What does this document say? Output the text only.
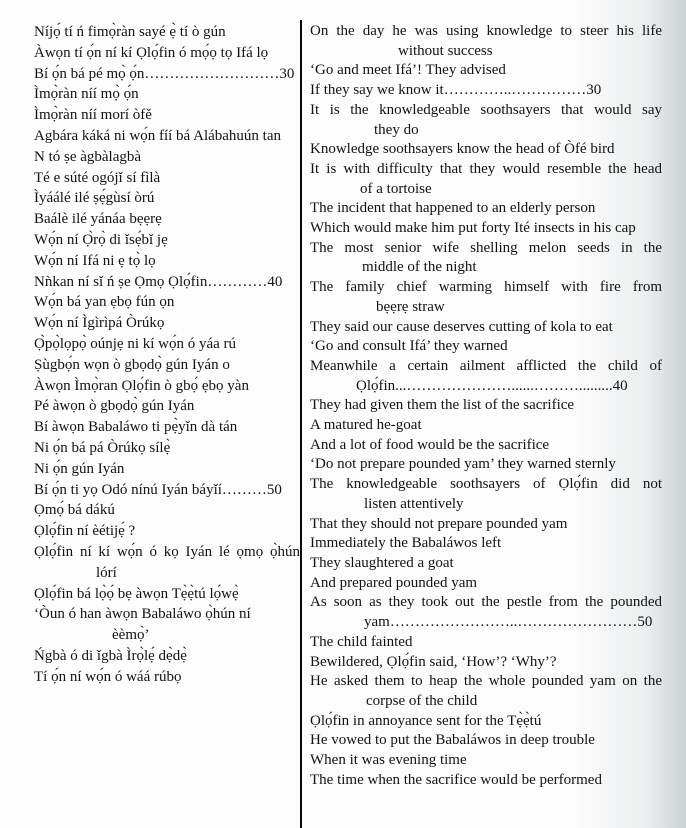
Níjọ́ tí ń fimọ̀ràn sayé ẹ̀ tí ò gún

Àwọn tí ọ́n ní kí Ọlọ́fin ó mọ́ọ tọ Ifá lọ

Bí ọ́n bá pé mọ̀ ọ́n………………………30

Ìmọ̀ràn níí mọ̀ ọ́n

Ìmọ̀ràn níí morí òfě

Agbára káká ni wọ́n fíí bá Alábahuún tan

N tó ṣe àgbàlagbà

Té e súté ogójǐ sí fìlà

Ìyáálé ilé ṣẹ́gùsí òrú

Baálè ilé yánáa bẹẹrẹ

Wọ́n ní Ọ̀rọ̀ di ǐsẹ́bǐ jẹ

Wọ́n ní Ifá ni ẹ tọ̀ lọ

Nǹkan ní sǐ ń ṣe Ọmọ Ọlọ́fin…………40

Wọ́n bá yan ẹbọ fún ọn

Wọ́n ní Ìgìrìpá Òrúkọ

Ọ̀pọ̀lọpọ̀ oúnjẹ ni kí wọ́n ó yáa rú

Ṣùgbọ́n wọn ò gbọdọ̀ gún Iyán o

Àwọn Ìmọ̀ran Ọlọ́fin ò gbọ́ ẹbọ yàn

Pé àwọn ò gbọdọ̀ gún Iyán

Bí àwọn Babaláwo ti pẹ̀yǐn dà tán

Ni ọ́n bá pá Òrúkọ sílẹ̀

Ni ọ́n gún Iyán

Bí ọ́n ti yọ Odó nínú Iyán báyǐí………50

Ọmọ́ bá dákú

Ọlọ́fin ní èétijẹ́ ?

Ọlọ́fin ní kí wọ́n ó kọ Iyán lé ọmọ ọ̀hún
lórí

Ọlọ́fin bá lọ̀ọ́ bẹ àwọn Tẹ̀ẹ̀tú lọ́wẹ̀

‘Òun ó han àwọn Babaláwo ọ̀hún ní
èèmọ̀’

Ńgbà ó di ǐgbà Ìrọ̀lẹ́ dẹ̀dẹ̀

Tí ọ́n ní wọ́n ó wáá rúbọ

On the day he was using knowledge to steer his life
without success

‘Go and meet Ifá’! They advised

If they say we know it…………..……………30

It is the knowledgeable soothsayers that would say
they do

Knowledge soothsayers know the head of Òfé bird

It is with difficulty that they would resemble the head
of a tortoise

The incident that happened to an elderly person

Which would make him put forty Ité insects in his cap

The most senior wife shelling melon seeds in the
middle of the night

The family chief warming himself with fire from
bẹẹrẹ straw

They said our cause deserves cutting of kola to eat

‘Go and consult Ifá’ they warned

Meanwhile a certain ailment afflicted the child of
Ọlọ́fin...…………………......……….........40

They had given them the list of the sacrifice

A matured he-goat

And a lot of food would be the sacrifice

‘Do not prepare pounded yam’ they warned sternly

The knowledgeable soothsayers of Ọlọ́fin did not
listen attentively

That they should not prepare pounded yam

Immediately the Babaláwos left

They slaughtered a goat

And prepared pounded yam

As soon as they took out the pestle from the pounded
yam……………………..……………………50

The child fainted

Bewildered, Ọlọ́fin said, ‘How’? ‘Why’?

He asked them to heap the whole pounded yam on the
corpse of the child

Ọlọ́fin in annoyance sent for the Tẹ̀ẹ̀tú

He vowed to put the Babaláwos in deep trouble

When it was evening time

The time when the sacrifice would be performed
